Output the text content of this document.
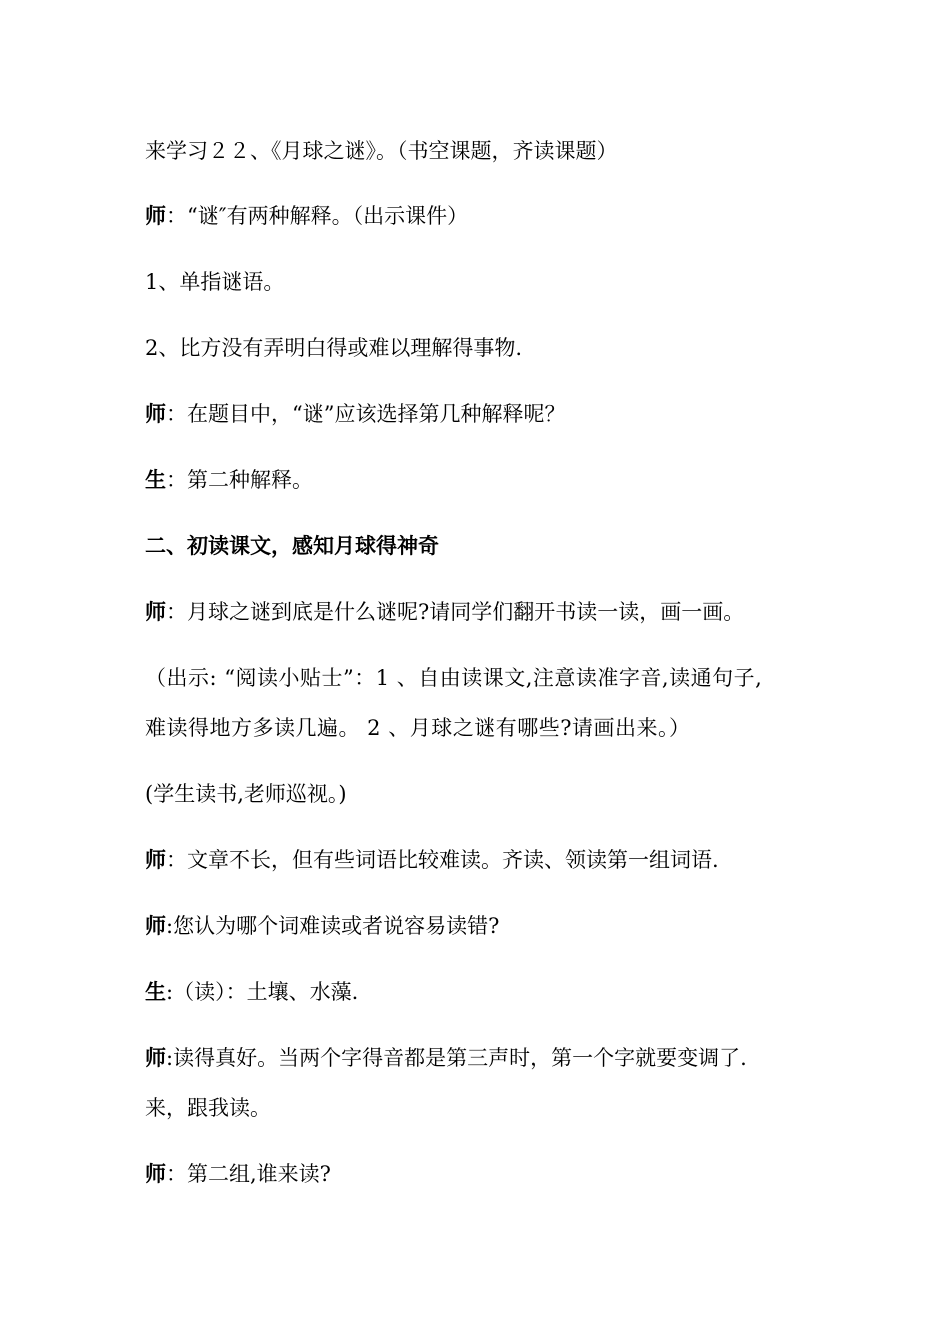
来学习２２、《月球之谜》。（书空课题，齐读课题）
师：“谜″有两种解释。（出示课件）
1、单指谜语。
2、比方没有弄明白得或难以理解得事物.
师：在题目中，“谜”应该选择第几种解释呢？
生：第二种解释。
二、初读课文，感知月球得神奇
师：月球之谜到底是什么谜呢?请同学们翻开书读一读，画一画。
（出示: “阅读小贴士”：1 、自由读课文,注意读准字音,读通句子,
难读得地方多读几遍。 2 、月球之谜有哪些?请画出来。）
(学生读书,老师巡视。)
师：文章不长，但有些词语比较难读。齐读、领读第一组词语.
师:您认为哪个词难读或者说容易读错?
生:（读）：土壤、水藻.
师:读得真好。当两个字得音都是第三声时，第一个字就要变调了.
来，跟我读。
师：第二组,谁来读?
